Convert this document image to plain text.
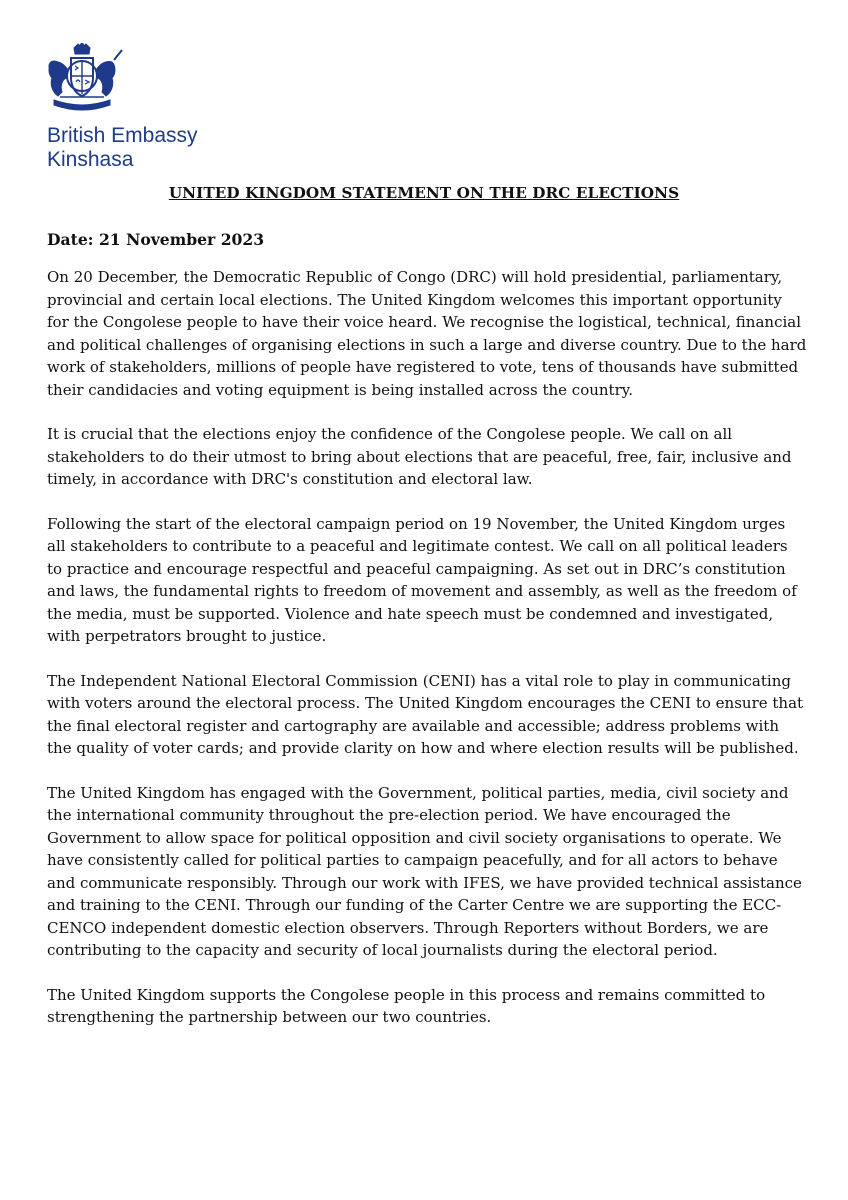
British Embassy
Kinshasa
UNITED KINGDOM STATEMENT ON THE DRC ELECTIONS
Date: 21 November 2023

On 20 December, the Democratic Republic of Congo (DRC) will hold presidential, parliamentary, provincial and certain local elections. The United Kingdom welcomes this important opportunity for the Congolese people to have their voice heard. We recognise the logistical, technical, financial and political challenges of organising elections in such a large and diverse country. Due to the hard work of stakeholders, millions of people have registered to vote, tens of thousands have submitted their candidacies and voting equipment is being installed across the country.

It is crucial that the elections enjoy the confidence of the Congolese people. We call on all stakeholders to do their utmost to bring about elections that are peaceful, free, fair, inclusive and timely, in accordance with DRC's constitution and electoral law.

Following the start of the electoral campaign period on 19 November, the United Kingdom urges all stakeholders to contribute to a peaceful and legitimate contest. We call on all political leaders to practice and encourage respectful and peaceful campaigning. As set out in DRC’s constitution and laws, the fundamental rights to freedom of movement and assembly, as well as the freedom of the media, must be supported. Violence and hate speech must be condemned and investigated, with perpetrators brought to justice.

The Independent National Electoral Commission (CENI) has a vital role to play in communicating with voters around the electoral process. The United Kingdom encourages the CENI to ensure that the final electoral register and cartography are available and accessible; address problems with the quality of voter cards; and provide clarity on how and where election results will be published.

The United Kingdom has engaged with the Government, political parties, media, civil society and the international community throughout the pre-election period. We have encouraged the Government to allow space for political opposition and civil society organisations to operate. We have consistently called for political parties to campaign peacefully, and for all actors to behave and communicate responsibly. Through our work with IFES, we have provided technical assistance and training to the CENI. Through our funding of the Carter Centre we are supporting the ECC-CENCO independent domestic election observers. Through Reporters without Borders, we are contributing to the capacity and security of local journalists during the electoral period.

The United Kingdom supports the Congolese people in this process and remains committed to strengthening the partnership between our two countries.
